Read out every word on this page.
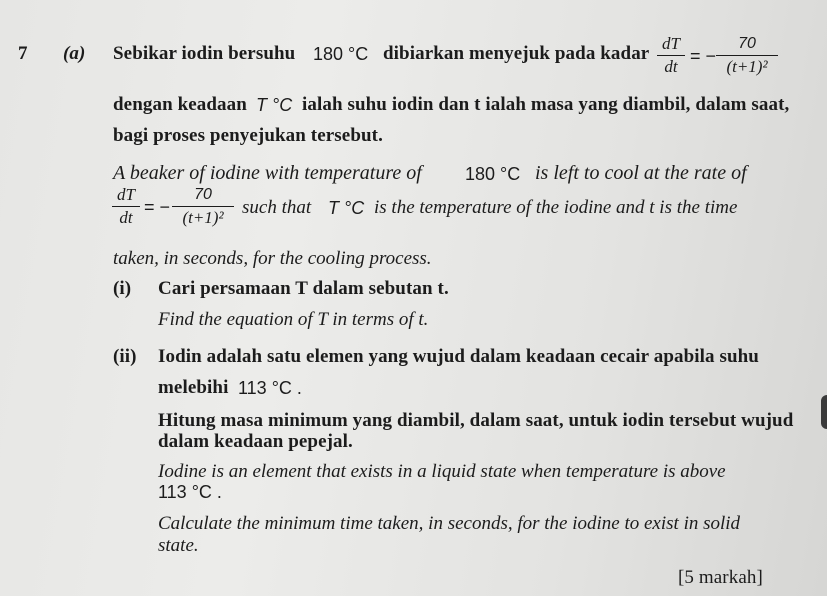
7 (a) Sebikar iodin bersuhu 180 °C dibiarkan menyejuk pada kadar dT
dt
= −
70
(t+1)²
dengan keadaan T °C ialah suhu iodin dan t ialah masa yang diambil, dalam saat,
bagi proses penyejukan tersebut.
A beaker of iodine with temperature of 180 °C is left to cool at the rate of
dT
dt
= −
70
(t+1)² such that T °C is the temperature of the iodine and t is the time
taken, in seconds, for the cooling process.
(i) Cari persamaan T dalam sebutan t.
Find the equation of T in terms of t.
(ii) Iodin adalah satu elemen yang wujud dalam keadaan cecair apabila suhu
melebihi 113 °C .
Hitung masa minimum yang diambil, dalam saat, untuk iodin tersebut wujud
dalam keadaan pepejal.
Iodine is an element that exists in a liquid state when temperature is above
113 °C .
Calculate the minimum time taken, in seconds, for the iodine to exist in solid
state.
[5 markah]
